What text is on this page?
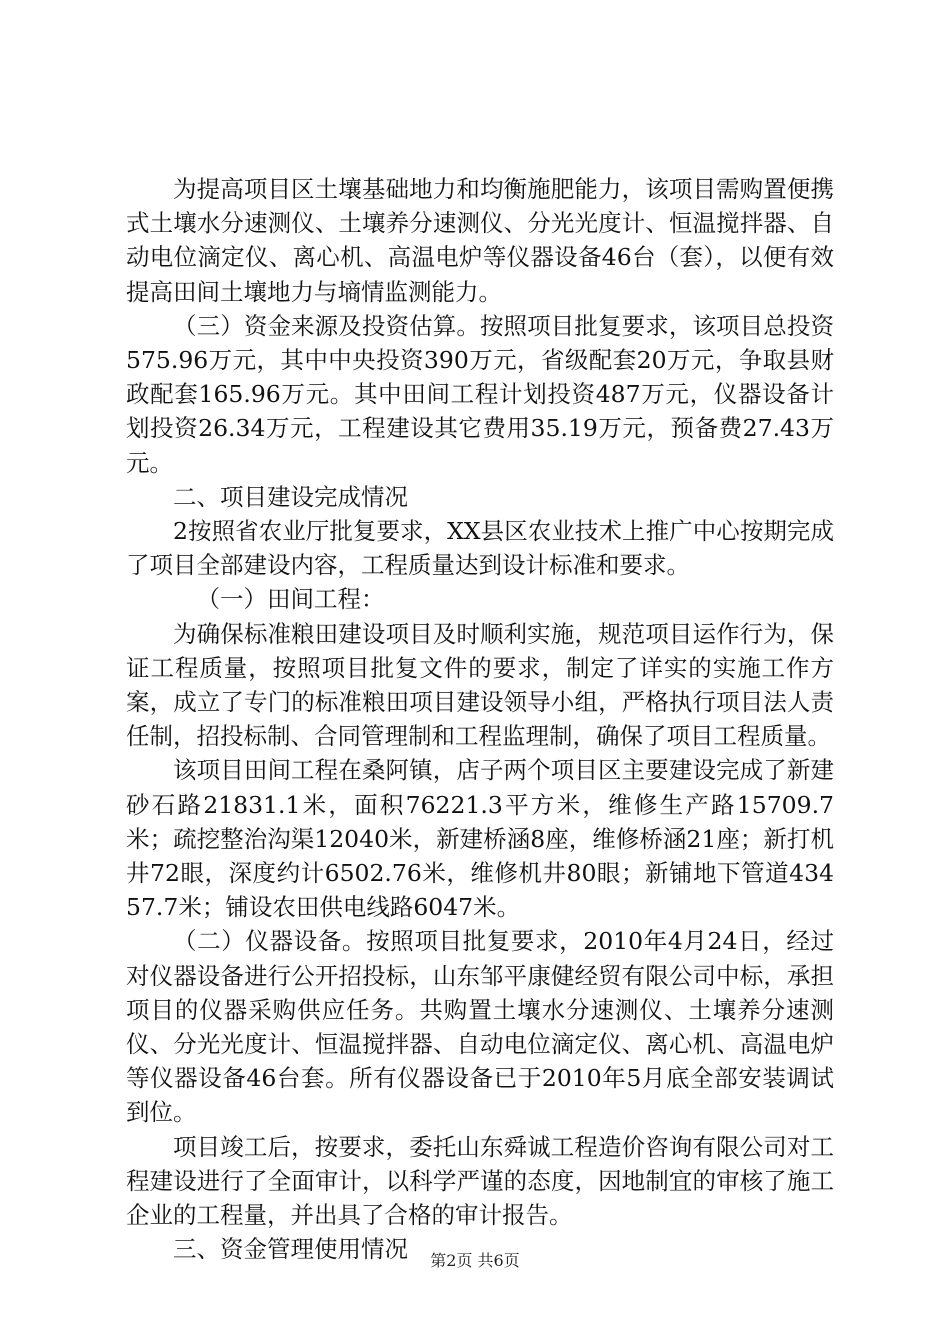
为提高项目区土壤基础地力和均衡施肥能力，该项目需购置便携式土壤水分速测仪、土壤养分速测仪、分光光度计、恒温搅拌器、自动电位滴定仪、离心机、高温电炉等仪器设备46台（套），以便有效提高田间土壤地力与墒情监测能力。

（三）资金来源及投资估算。按照项目批复要求，该项目总投资575.96万元，其中中央投资390万元，省级配套20万元，争取县财政配套165.96万元。其中田间工程计划投资487万元，仪器设备计划投资26.34万元，工程建设其它费用35.19万元，预备费27.43万元。

二、项目建设完成情况

2按照省农业厅批复要求，XX县区农业技术上推广中心按期完成了项目全部建设内容，工程质量达到设计标准和要求。

（一）田间工程：

为确保标准粮田建设项目及时顺利实施，规范项目运作行为，保证工程质量，按照项目批复文件的要求，制定了详实的实施工作方案，成立了专门的标准粮田项目建设领导小组，严格执行项目法人责任制，招投标制、合同管理制和工程监理制，确保了项目工程质量。

该项目田间工程在桑阿镇，店子两个项目区主要建设完成了新建砂石路21831.1米，面积76221.3平方米，维修生产路15709.7米；疏挖整治沟渠12040米，新建桥涵8座，维修桥涵21座；新打机井72眼，深度约计6502.76米，维修机井80眼；新铺地下管道43457.7米；铺设农田供电线路6047米。

（二）仪器设备。按照项目批复要求，2010年4月24日，经过对仪器设备进行公开招投标，山东邹平康健经贸有限公司中标，承担项目的仪器采购供应任务。共购置土壤水分速测仪、土壤养分速测仪、分光光度计、恒温搅拌器、自动电位滴定仪、离心机、高温电炉等仪器设备46台套。所有仪器设备已于2010年5月底全部安装调试到位。

项目竣工后，按要求，委托山东舜诚工程造价咨询有限公司对工程建设进行了全面审计，以科学严谨的态度，因地制宜的审核了施工企业的工程量，并出具了合格的审计报告。

三、资金管理使用情况	第2页 共6页
